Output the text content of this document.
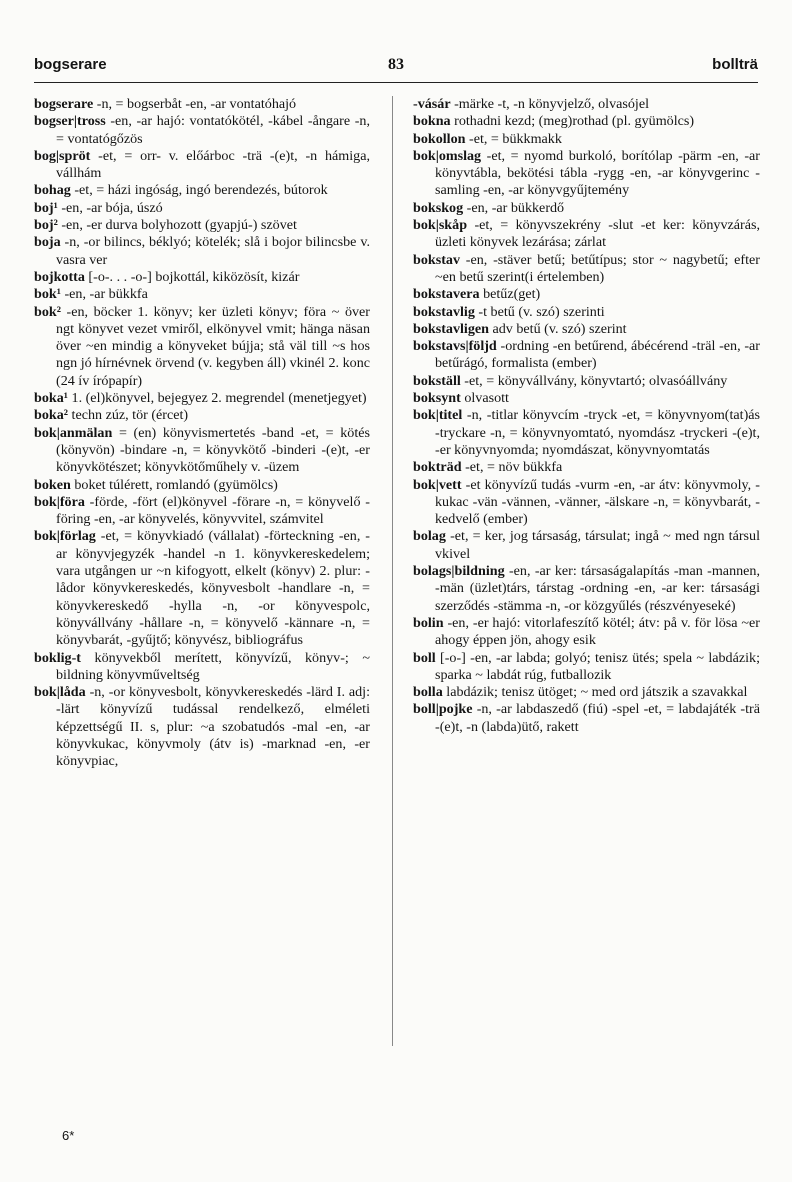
bogserare	83	bollträ

bogserare -n, = bogserbåt -en, -ar vontatóhajó

bogser|tross -en, -ar hajó: vontatókötél, -kábel -ångare -n, = vontatógőzös

bog|spröt -et, = orr- v. előárboc -trä -(e)t, -n hámiga, vállhám

bohag -et, = házi ingóság, ingó berendezés, bútorok

boj¹ -en, -ar bója, úszó

boj² -en, -er durva bolyhozott (gyapjú-) szövet

boja -n, -or bilincs, béklyó; kötelék; slå i bojor bilincsbe v. vasra ver

bojkotta [-o-. . . -o-] bojkottál, kiközösít, kizár

bok¹ -en, -ar bükkfa

bok² -en, böcker 1. könyv; ker üzleti könyv; föra ~ över ngt könyvet vezet vmiről, elkönyvel vmit; hänga näsan över ~en mindig a könyveket bújja; stå väl till ~s hos ngn jó hírnévnek örvend (v. kegyben áll) vkinél 2. konc (24 ív írópapír)

boka¹ 1. (el)könyvel, bejegyez 2. megrendel (menetjegyet)

boka² techn zúz, tör (ércet)

bok|anmälan = (en) könyvismertetés -band -et, = kötés (könyvön) -bindare -n, = könyvkötő -binderi -(e)t, -er könyvkötészet; könyvkötőműhely v. -üzem

boken boket túlérett, romlandó (gyümölcs)

bok|föra -förde, -fört (el)könyvel -förare -n, = könyvelő -föring -en, -ar könyvelés, könyvvitel, számvitel

bok|förlag -et, = könyvkiadó (vállalat) -förteckning -en, -ar könyvjegyzék -handel -n 1. könyvkereskedelem; vara utgången ur ~n kifogyott, elkelt (könyv) 2. plur: -lådor könyvkereskedés, könyvesbolt -handlare -n, = könyvkereskedő -hylla -n, -or könyvespolc, könyvállvány -hållare -n, = könyvelő -kännare -n, = könyvbarát, -gyűjtő; könyvész, bibliográfus

boklig-t könyvekből merített, könyvízű, könyv-; ~ bildning könyvműveltség

bok|låda -n, -or könyvesbolt, könyvkereskedés -lärd I. adj: -lärt könyvízű tudással rendelkező, elméleti képzettségű II. s, plur: ~a szobatudós -mal -en, -ar könyvkukac, könyvmoly (átv is) -marknad -en, -er könyvpiac,

-vásár -märke -t, -n könyvjelző, olvasójel

bokna rothadni kezd; (meg)rothad (pl. gyümölcs)

bokollon -et, = bükkmakk

bok|omslag -et, = nyomd burkoló, borítólap -pärm -en, -ar könyvtábla, bekötési tábla -rygg -en, -ar könyvgerinc -samling -en, -ar könyvgyűjtemény

bokskog -en, -ar bükkerdő

bok|skåp -et, = könyvszekrény -slut -et ker: könyvzárás, üzleti könyvek lezárása; zárlat

bokstav -en, -stäver betű; betűtípus; stor ~ nagybetű; efter ~en betű szerint(i értelemben)

bokstavera betűz(get)

bokstavlig -t betű (v. szó) szerinti

bokstavligen adv betű (v. szó) szerint

bokstavs|följd -ordning -en betűrend, ábécérend -träl -en, -ar betűrágó, formalista (ember)

bokställ -et, = könyvállvány, könyvtartó; olvasóállvány

boksynt olvasott

bok|titel -n, -titlar könyvcím -tryck -et, = könyvnyom(tat)ás -tryckare -n, = könyvnyomtató, nyomdász -tryckeri -(e)t, -er könyvnyomda; nyomdászat, könyvnyomtatás

bokträd -et, = növ bükkfa

bok|vett -et könyvízű tudás -vurm -en, -ar átv: könyvmoly, -kukac -vän -vännen, -vänner, -älskare -n, = könyvbarát, -kedvelő (ember)

bolag -et, = ker, jog társaság, társulat; ingå ~ med ngn társul vkivel

bolags|bildning -en, -ar ker: társaságalapítás -man -mannen, -män (üzlet)társ, társtag -ordning -en, -ar ker: társasági szerződés -stämma -n, -or közgyűlés (részvényeseké)

bolin -en, -er hajó: vitorlafeszítő kötél; átv: på v. för lösa ~er ahogy éppen jön, ahogy esik

boll [-o-] -en, -ar labda; golyó; tenisz ütés; spela ~ labdázik; sparka ~ labdát rúg, futballozik

bolla labdázik; tenisz ütöget; ~ med ord játszik a szavakkal

boll|pojke -n, -ar labdaszedő (fiú) -spel -et, = labdajáték -trä -(e)t, -n (labda)ütő, rakett

6*
